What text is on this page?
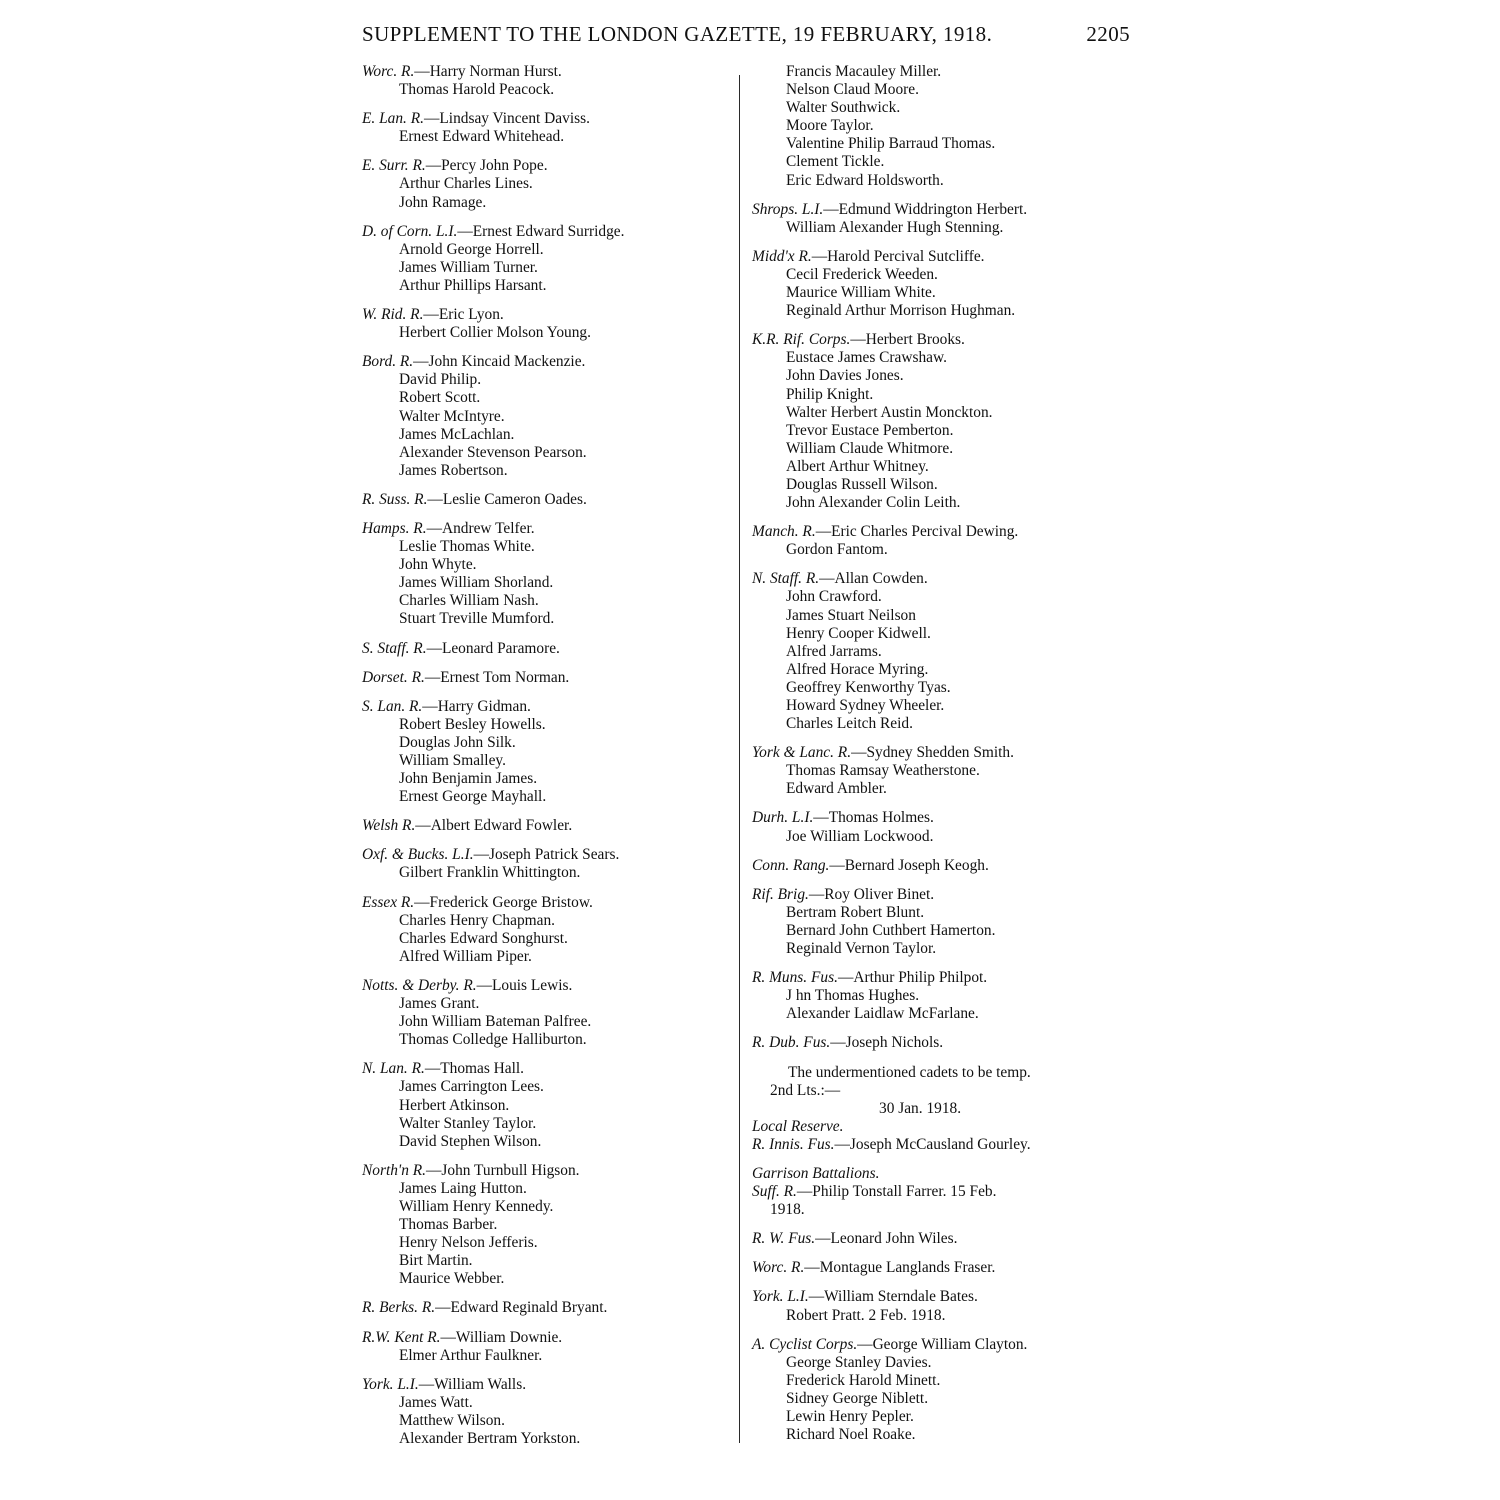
SUPPLEMENT TO THE LONDON GAZETTE, 19 FEBRUARY, 1918.	2205
Worc. R.—Harry Norman Hurst.
Thomas Harold Peacock.
E. Lan. R.—Lindsay Vincent Daviss.
Ernest Edward Whitehead.
E. Surr. R.—Percy John Pope.
Arthur Charles Lines.
John Ramage.
D. of Corn. L.I.—Ernest Edward Surridge.
Arnold George Horrell.
James William Turner.
Arthur Phillips Harsant.
W. Rid. R.—Eric Lyon.
Herbert Collier Molson Young.
Bord. R.—John Kincaid Mackenzie.
David Philip.
Robert Scott.
Walter McIntyre.
James McLachlan.
Alexander Stevenson Pearson.
James Robertson.
R. Suss. R.—Leslie Cameron Oades.
Hamps. R.—Andrew Telfer.
Leslie Thomas White.
John Whyte.
James William Shorland.
Charles William Nash.
Stuart Treville Mumford.
S. Staff. R.—Leonard Paramore.
Dorset. R.—Ernest Tom Norman.
S. Lan. R.—Harry Gidman.
Robert Besley Howells.
Douglas John Silk.
William Smalley.
John Benjamin James.
Ernest George Mayhall.
Welsh R.—Albert Edward Fowler.
Oxf. & Bucks. L.I.—Joseph Patrick Sears.
Gilbert Franklin Whittington.
Essex R.—Frederick George Bristow.
Charles Henry Chapman.
Charles Edward Songhurst.
Alfred William Piper.
Notts. & Derby. R.—Louis Lewis.
James Grant.
John William Bateman Palfree.
Thomas Colledge Halliburton.
N. Lan. R.—Thomas Hall.
James Carrington Lees.
Herbert Atkinson.
Walter Stanley Taylor.
David Stephen Wilson.
North'n R.—John Turnbull Higson.
James Laing Hutton.
William Henry Kennedy.
Thomas Barber.
Henry Nelson Jefferis.
Birt Martin.
Maurice Webber.
R. Berks. R.—Edward Reginald Bryant.
R.W. Kent R.—William Downie.
Elmer Arthur Faulkner.
York. L.I.—William Walls.
James Watt.
Matthew Wilson.
Alexander Bertram Yorkston.
Francis Macauley Miller.
Nelson Claud Moore.
Walter Southwick.
Moore Taylor.
Valentine Philip Barraud Thomas.
Clement Tickle.
Eric Edward Holdsworth.
Shrops. L.I.—Edmund Widdrington Herbert.
William Alexander Hugh Stenning.
Midd'x R.—Harold Percival Sutcliffe.
Cecil Frederick Weeden.
Maurice William White.
Reginald Arthur Morrison Hughman.
K.R. Rif. Corps.—Herbert Brooks.
Eustace James Crawshaw.
John Davies Jones.
Philip Knight.
Walter Herbert Austin Monckton.
Trevor Eustace Pemberton.
William Claude Whitmore.
Albert Arthur Whitney.
Douglas Russell Wilson.
John Alexander Colin Leith.
Manch. R.—Eric Charles Percival Dewing.
Gordon Fantom.
N. Staff. R.—Allan Cowden.
John Crawford.
James Stuart Neilson
Henry Cooper Kidwell.
Alfred Jarrams.
Alfred Horace Myring.
Geoffrey Kenworthy Tyas.
Howard Sydney Wheeler.
Charles Leitch Reid.
York & Lanc. R.—Sydney Shedden Smith.
Thomas Ramsay Weatherstone.
Edward Ambler.
Durh. L.I.—Thomas Holmes.
Joe William Lockwood.
Conn. Rang.—Bernard Joseph Keogh.
Rif. Brig.—Roy Oliver Binet.
Bertram Robert Blunt.
Bernard John Cuthbert Hamerton.
Reginald Vernon Taylor.
R. Muns. Fus.—Arthur Philip Philpot.
J hn Thomas Hughes.
Alexander Laidlaw McFarlane.
R. Dub. Fus.—Joseph Nichols.
The undermentioned cadets to be temp.
2nd Lts.:—
30 Jan. 1918.
Local Reserve.
R. Innis. Fus.—Joseph McCausland Gourley.
Garrison Battalions.
Suff. R.—Philip Tonstall Farrer. 15 Feb.
1918.
R. W. Fus.—Leonard John Wiles.
Worc. R.—Montague Langlands Fraser.
York. L.I.—William Sterndale Bates.
Robert Pratt. 2 Feb. 1918.
A. Cyclist Corps.—George William Clayton.
George Stanley Davies.
Frederick Harold Minett.
Sidney George Niblett.
Lewin Henry Pepler.
Richard Noel Roake.
